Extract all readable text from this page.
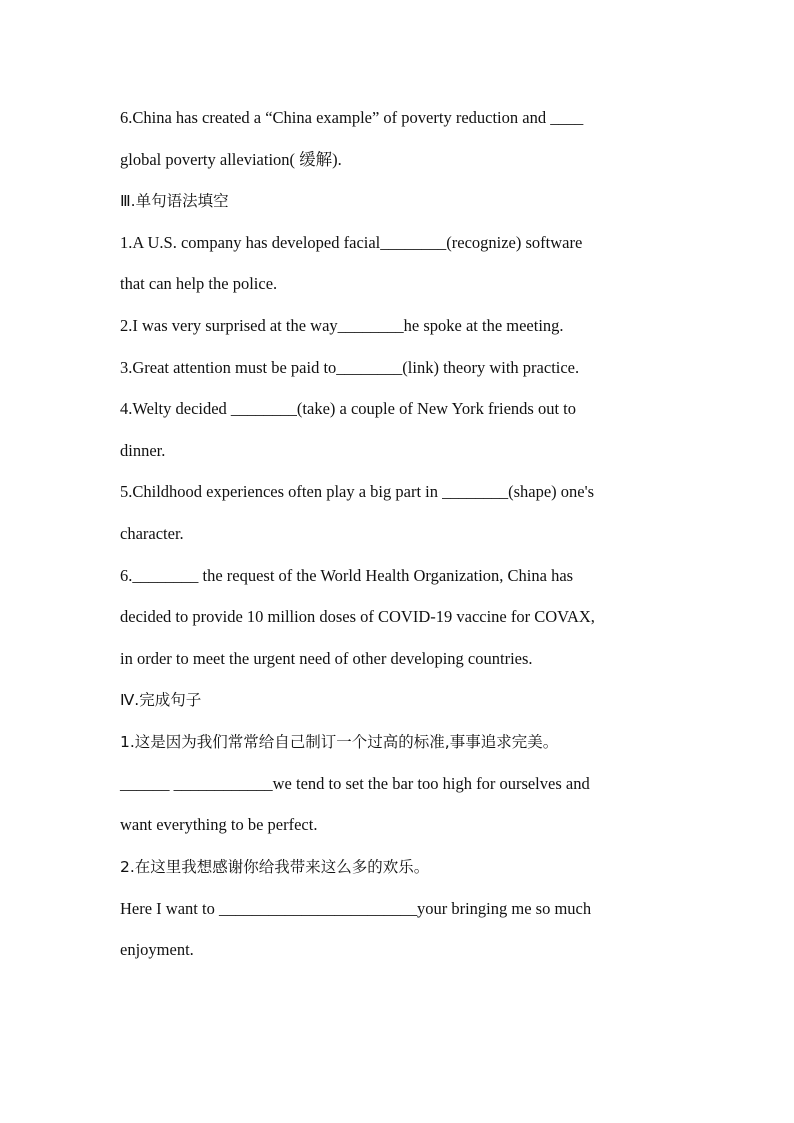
6.China has created a “China example” of poverty reduction and ____
global poverty alleviation( 缓解).
Ⅲ.单句语法填空
1.A U.S. company has developed facial________(recognize) software
that can help the police.
2.I was very surprised at the way________he spoke at the meeting.
3.Great attention must be paid to________(link) theory with practice.
4.Welty decided ________(take) a couple of New York friends out to
dinner.
5.Childhood experiences often play a big part in ________(shape) one's
character.
6.________ the request of the World Health Organization, China has
decided to provide 10 million doses of COVID-19 vaccine for COVAX,
in order to meet the urgent need of other developing countries.
Ⅳ.完成句子
1.这是因为我们常常给自己制订一个过高的标准,事事追求完美。
______ ____________we tend to set the bar too high for ourselves and
want everything to be perfect.
2.在这里我想感谢你给我带来这么多的欢乐。
Here I want to ________________________your bringing me so much
enjoyment.
